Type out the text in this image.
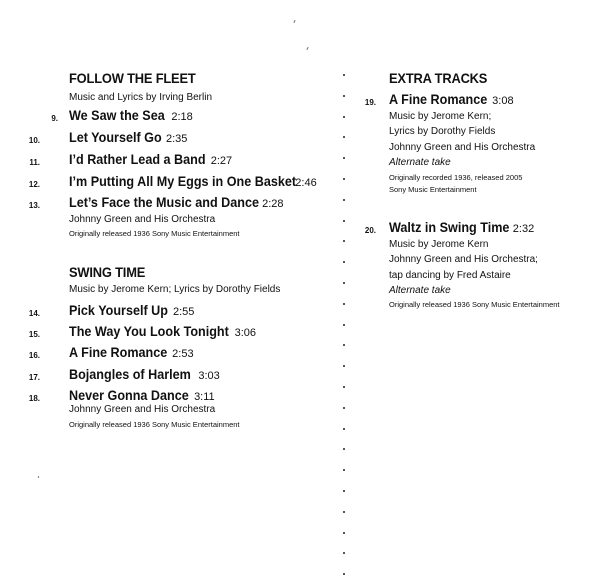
FOLLOW THE FLEET
Music and Lyrics by Irving Berlin
9. We Saw the Sea 2:18
10. Let Yourself Go 2:35
11. I’d Rather Lead a Band 2:27
12. I’m Putting All My Eggs in One Basket2:46
13. Let’s Face the Music and Dance 2:28
Johnny Green and His Orchestra
Originally released 1936 Sony Music Entertainment
SWING TIME
Music by Jerome Kern; Lyrics by Dorothy Fields
14. Pick Yourself Up 2:55
15. The Way You Look Tonight 3:06
16. A Fine Romance 2:53
17. Bojangles of Harlem 3:03
18. Never Gonna Dance 3:11
Johnny Green and His Orchestra
Originally released 1936 Sony Music Entertainment
EXTRA TRACKS
19. A Fine Romance 3:08
Music by Jerome Kern;
Lyrics by Dorothy Fields
Johnny Green and His Orchestra
Alternate take
Originally recorded 1936, released 2005
Sony Music Entertainment
20. Waltz in Swing Time 2:32
Music by Jerome Kern
Johnny Green and His Orchestra;
tap dancing by Fred Astaire
Alternate take
Originally released 1936 Sony Music Entertainment
